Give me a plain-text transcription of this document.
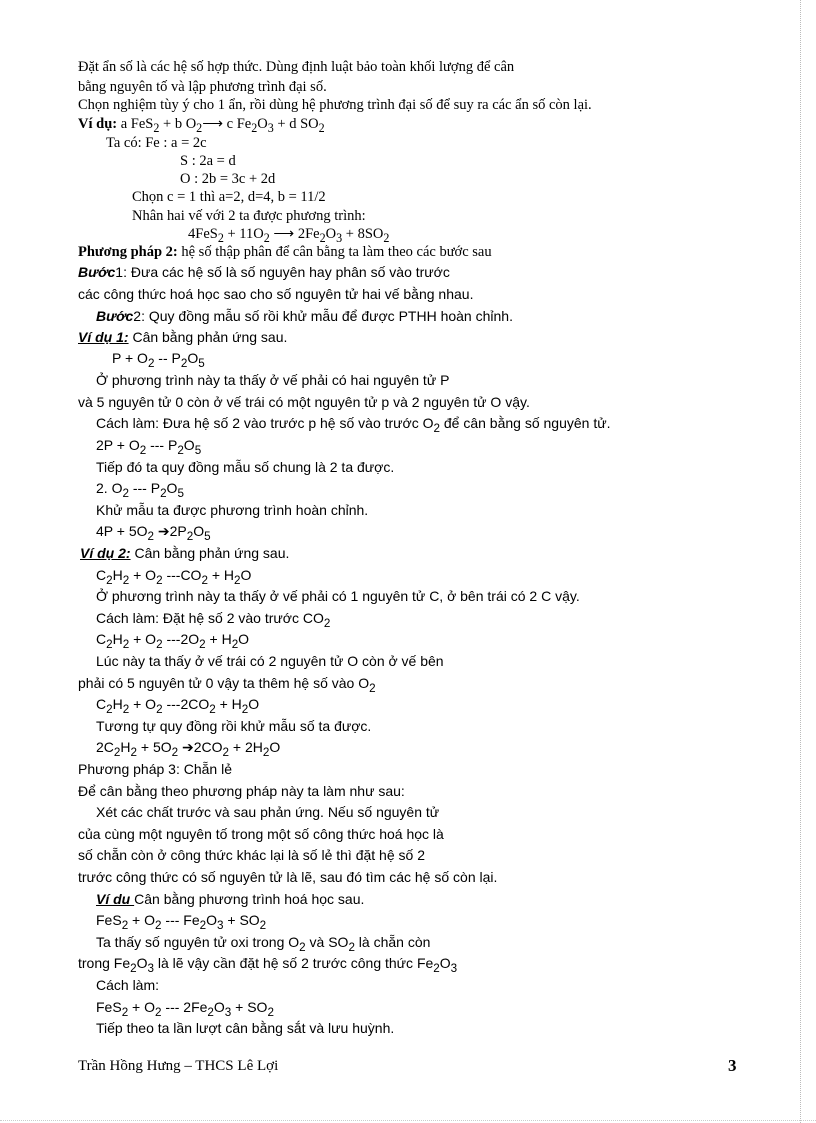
Đặt ẩn số là các hệ số hợp thức. Dùng định luật bảo toàn khối lượng để cân
bằng nguyên tố và lập phương trình đại số.
Chọn nghiệm tùy ý cho 1 ẩn, rồi dùng hệ phương trình đại số để suy ra các ẩn số còn lại.
Ví dụ: a FeS$_2$ + b $O_2⟶$ c $Fe_2O_3 + d$ $SO_2$
Ta có: Fe : a = 2c
S : 2a = d
O : 2b = 3c + 2d
Chọn c = 1 thì a=2, d=4, b = 11/2
Nhân hai vế với 2 ta được phương trình:
$4FeS_2 + 11O_2$ ⟶ $2Fe_2O_3 + 8SO_2$
Phương pháp 2: hệ số thập phân để cân bằng ta làm theo các bước sau
Bước1: Đưa các hệ số là số nguyên hay phân số vào trước
các công thức hoá học sao cho số nguyên tử hai vế bằng nhau.
Bước2: Quy đồng mẫu số rồi khử mẫu để được PTHH hoàn chỉnh.
Ví dụ 1: Cân bằng phản ứng sau.
$P + O_2 -- P_2O_5$
Ở phương trình này ta thấy ở vế phải có hai nguyên tử P
và 5 nguyên tử 0 còn ở vế trái có một nguyên tử p và 2 nguyên tử O vậy.
Cách làm: Đưa hệ số 2 vào trước p hệ số vào trước $O_2$ để cân bằng số nguyên tử.
$2P + O_2$ --- $P_2O_5$
Tiếp đó ta quy đồng mẫu số chung là 2 ta được.
2. $O_2$ --- $P_2O_5$
Khử mẫu ta được phương trình hoàn chỉnh.
$4P + 5O_2$ $➔2P_2O_5$
Ví dụ 2: Cân bằng phản ứng sau.
$C_2H_2 + O_2$ $---CO_2 + H_2O$
Ở phương trình này ta thấy ở vế phải có 1 nguyên tử C, ở bên trái có 2 C vậy.
Cách làm: Đặt hệ số 2 vào trước $CO_2$
$C_2H_2 + O_2$ $---2O_2 + H_2O$
Lúc này ta thấy ở vế trái có 2 nguyên tử O còn ở vế bên
phải có 5 nguyên tử 0 vậy ta thêm hệ số vào $O_2$
$C_2H_2 + O_2$ $---2CO_2 + H_2O$
Tương tự quy đồng rồi khử mẫu số ta được.
$2C_2H_2 + 5O_2$ $➔2CO_2 + 2H_2O$
Phương pháp 3: Chẵn lẻ
Để cân bằng theo phương pháp này ta làm như sau:
Xét các chất trước và sau phản ứng. Nếu số nguyên tử
của cùng một nguyên tố trong một số công thức hoá học là
số chẵn còn ở công thức khác lại là số lẻ thì đặt hệ số 2
trước công thức có số nguyên tử là lẽ, sau đó tìm các hệ số còn lại.
Ví du Cân bằng phương trình hoá học sau.
$FeS_2 + O_2$ --- $Fe_2O_3 + SO_2$
Ta thấy số nguyên tử oxi trong $O_2$ và $SO_2$ là chẵn còn
trong $Fe_2O_3$ là lẽ vậy cần đặt hệ số 2 trước công thức $Fe_2O_3$
Cách làm:
$FeS_2 + O_2$ --- $2Fe_2O_3 + SO_2$
Tiếp theo ta lần lượt cân bằng sắt và lưu huỳnh.
Trần Hồng Hưng – THCS Lê Lợi	3
